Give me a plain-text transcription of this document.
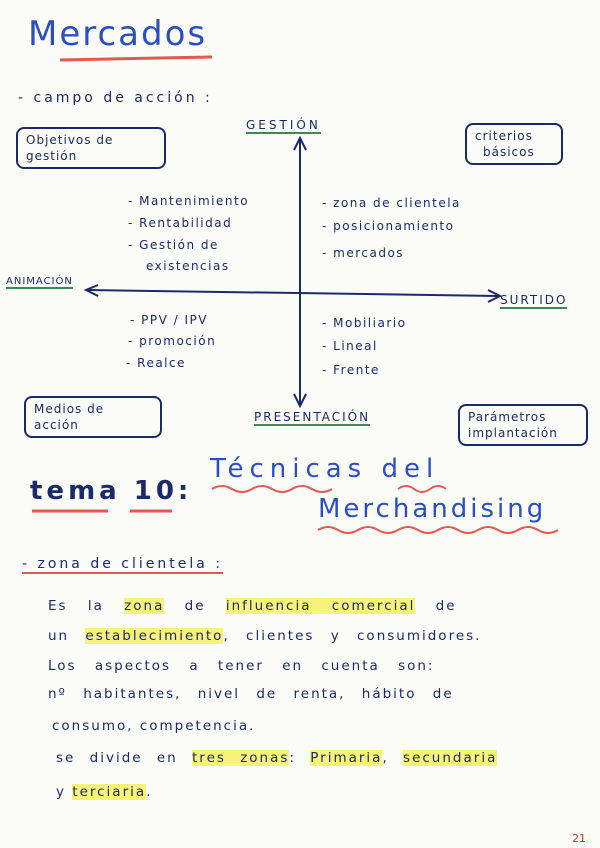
Mercados
- campo de acción :
GESTIÓN
PRESENTACIÓN
ANIMACIÓN
SURTIDO
Objetivos de
gestión
criterios
básicos
Medios de
acción
Parámetros
implantación
- Mantenimiento
- Rentabilidad
- Gestión de
existencias
- zona de clientela
- posicionamiento
- mercados
- PPV / IPV
- promoción
- Realce
- Mobiliario
- Lineal
- Frente
tema 10:
Técnicas del
Merchandising
- zona de clientela :
Es la zona de influencia comercial de
un establecimiento, clientes y consumidores.
Los aspectos a tener en cuenta son:
nº habitantes, nivel de renta, hábito de
consumo, competencia.
se divide en tres zonas: Primaria, secundaria
y terciaria.
21
